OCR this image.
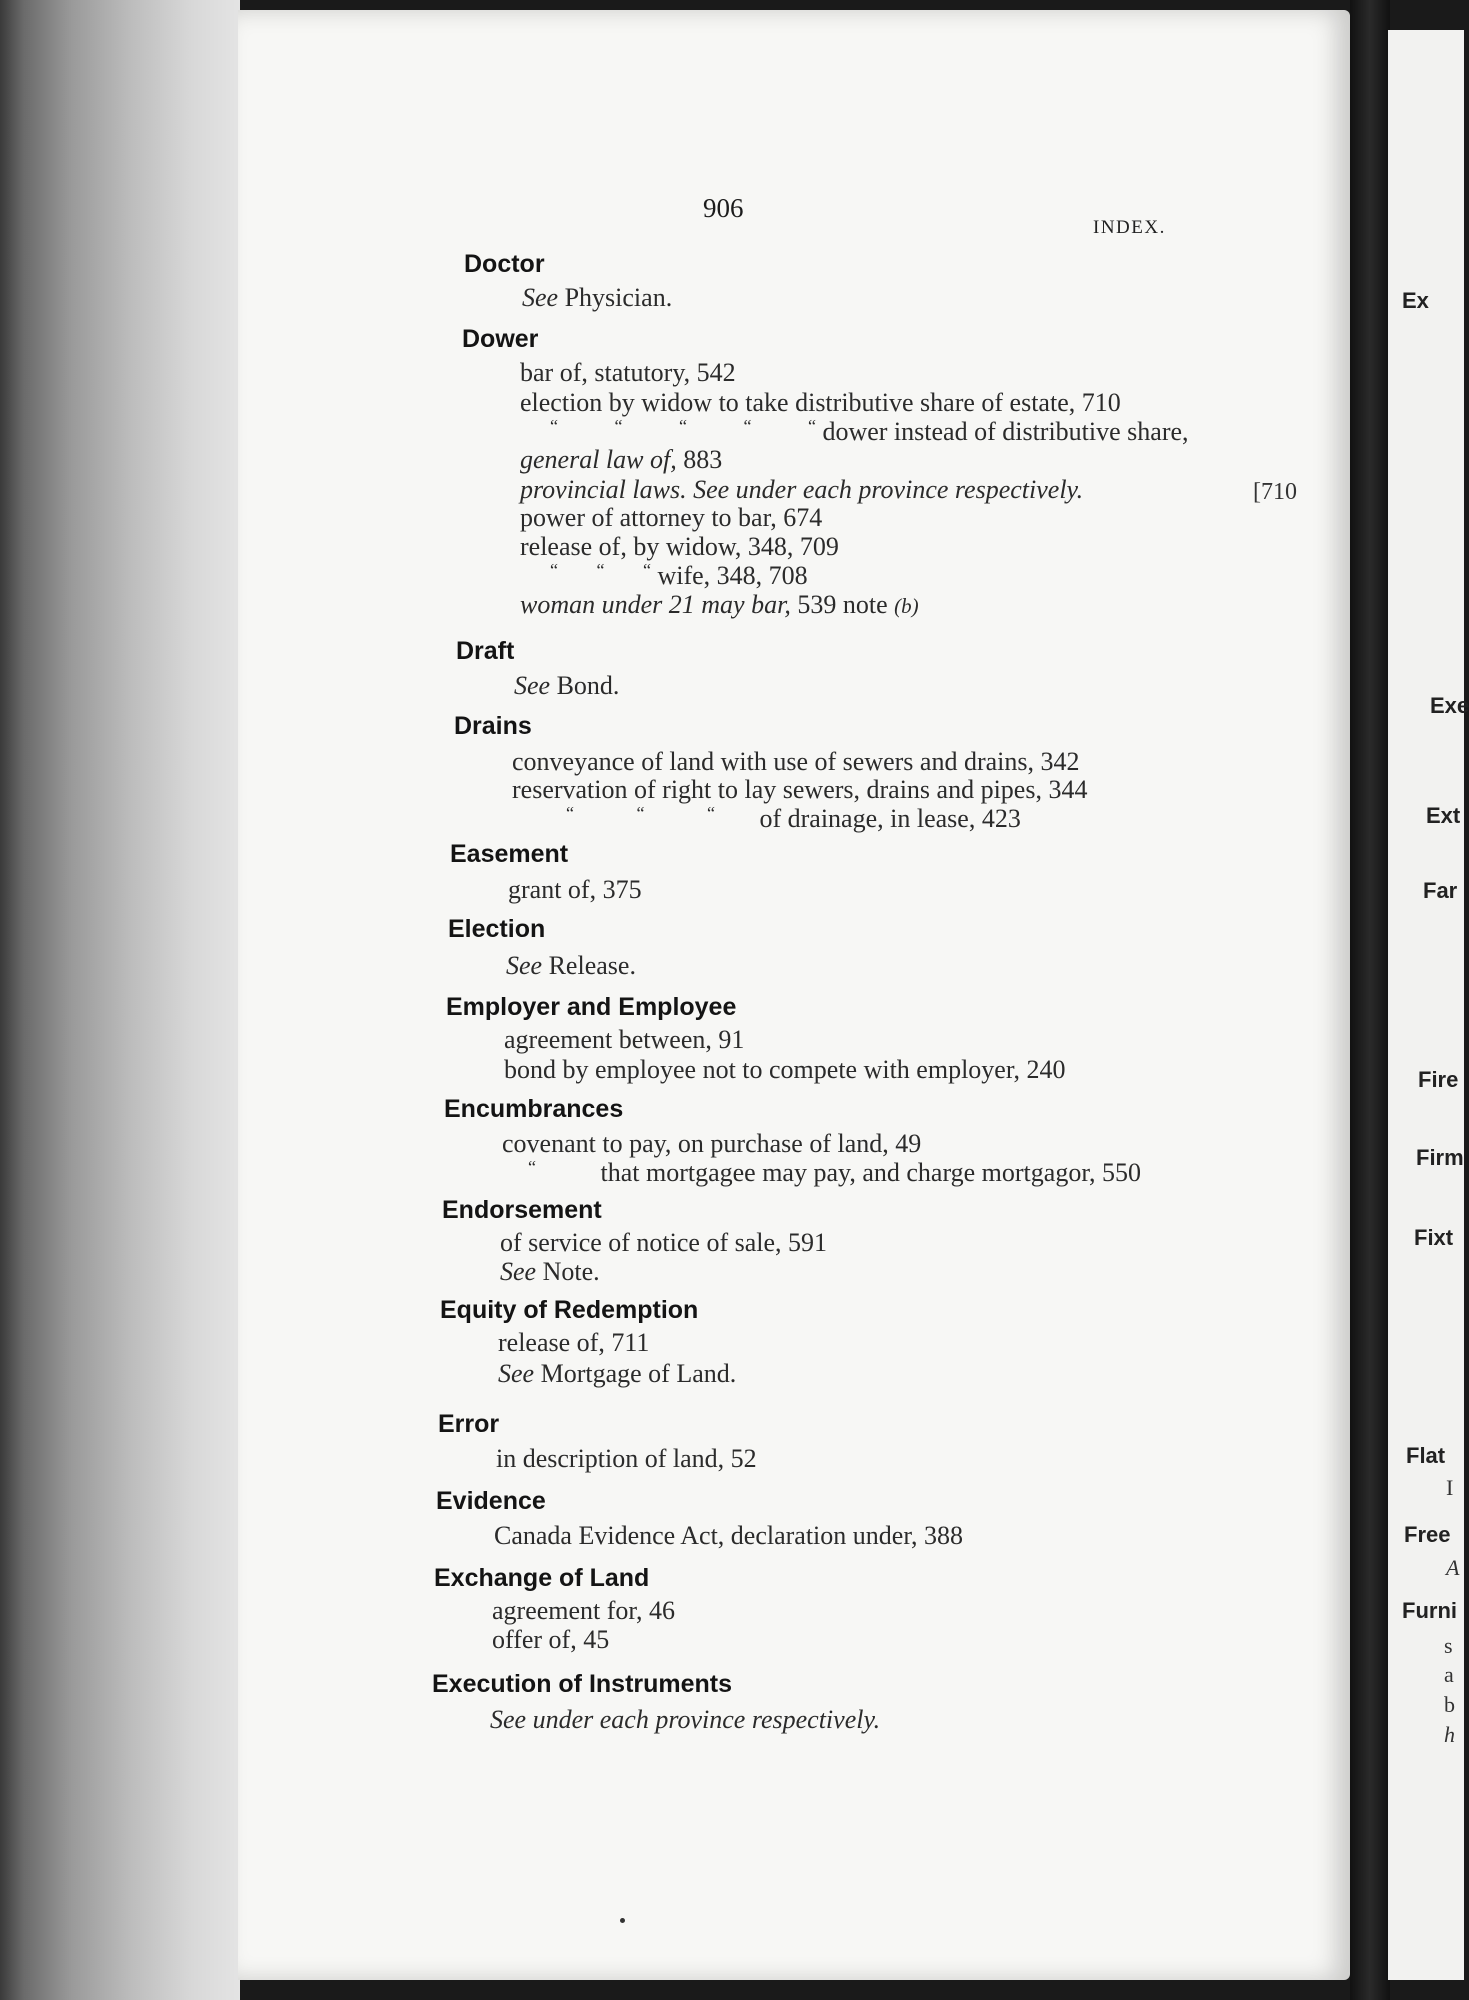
906
INDEX.
Doctor
See Physician.
Dower
bar of, statutory, 542
election by widow to take distributive share of estate, 710
“ “ “ “ “ dower instead of distributive share,
general law of, 883
provincial laws. See under each province respectively.
power of attorney to bar, 674
release of, by widow, 348, 709
“ “ “ wife, 348, 708
woman under 21 may bar, 539 note (b)
[710
Draft
See Bond.
Drains
conveyance of land with use of sewers and drains, 342
reservation of right to lay sewers, drains and pipes, 344
“ “ “ of drainage, in lease, 423
Easement
grant of, 375
Election
See Release.
Employer and Employee
agreement between, 91
bond by employee not to compete with employer, 240
Encumbrances
covenant to pay, on purchase of land, 49
“ that mortgagee may pay, and charge mortgagor, 550
Endorsement
of service of notice of sale, 591
See Note.
Equity of Redemption
release of, 711
See Mortgage of Land.
Error
in description of land, 52
Evidence
Canada Evidence Act, declaration under, 388
Exchange of Land
agreement for, 46
offer of, 45
Execution of Instruments
See under each province respectively.
Ex
Exe
Ext
Far
Fire
Firm
Fixt
Flat
Free
Furni
I
A
s
a
b
h
